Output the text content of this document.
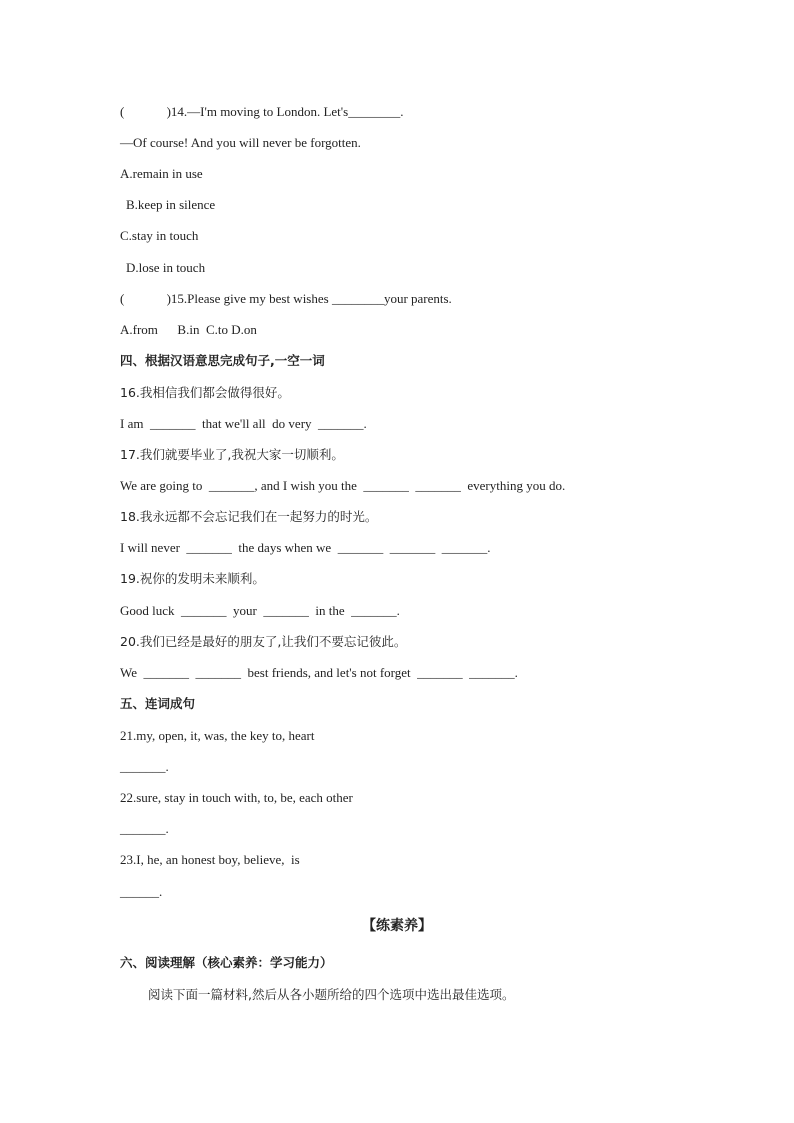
(             )14.—I'm moving to London. Let's________.
—Of course! And you will never be forgotten.
A.remain in use
B.keep in silence
C.stay in touch
D.lose in touch
(             )15.Please give my best wishes ________your parents.
A.from      B.in  C.to D.on
四、根据汉语意思完成句子,一空一词
16.我相信我们都会做得很好。
I am  _______  that we'll all  do very  _______.
17.我们就要毕业了,我祝大家一切顺利。
We are going to  _______, and I wish you the  _______  _______  everything you do.
18.我永远都不会忘记我们在一起努力的时光。
I will never  _______  the days when we  _______  _______  _______.
19.祝你的发明未来顺利。
Good luck  _______  your  _______  in the  _______.
20.我们已经是最好的朋友了,让我们不要忘记彼此。
We  _______  _______  best friends, and let's not forget  _______  _______.
五、连词成句
21.my, open, it, was, the key to, heart
_______.
22.sure, stay in touch with, to, be, each other
_______.
23.I, he, an honest boy, believe,  is
______.
【练素养】
六、阅读理解（核心素养：学习能力）
阅读下面一篇材料,然后从各小题所给的四个选项中选出最佳选项。
